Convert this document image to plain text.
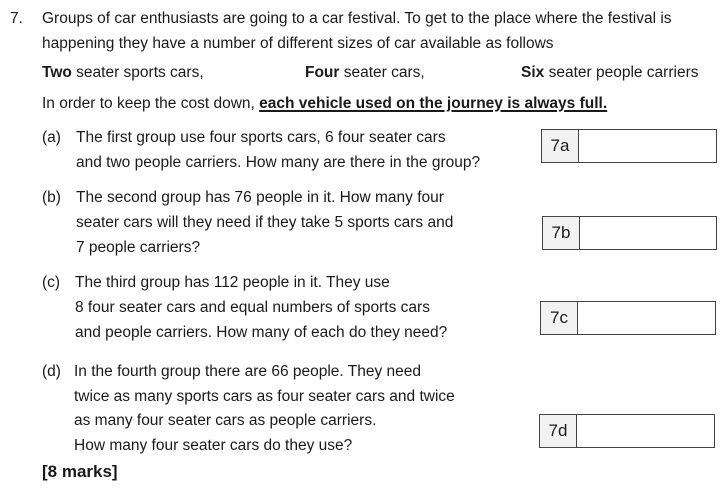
7. Groups of car enthusiasts are going to a car festival. To get to the place where the festival is
happening they have a number of different sizes of car available as follows
Two seater sports cars,	Four seater cars,	Six seater people carriers
In order to keep the cost down, each vehicle used on the journey is always full.
(a) The first group use four sports cars, 6 four seater cars
and two people carriers. How many are there in the group?
7a
(b) The second group has 76 people in it. How many four
seater cars will they need if they take 5 sports cars and
7 people carriers?
7b
(c) The third group has 112 people in it. They use
8 four seater cars and equal numbers of sports cars
and people carriers. How many of each do they need?
7c
(d) In the fourth group there are 66 people. They need
twice as many sports cars as four seater cars and twice
as many four seater cars as people carriers.
How many four seater cars do they use?
7d
[8 marks]
